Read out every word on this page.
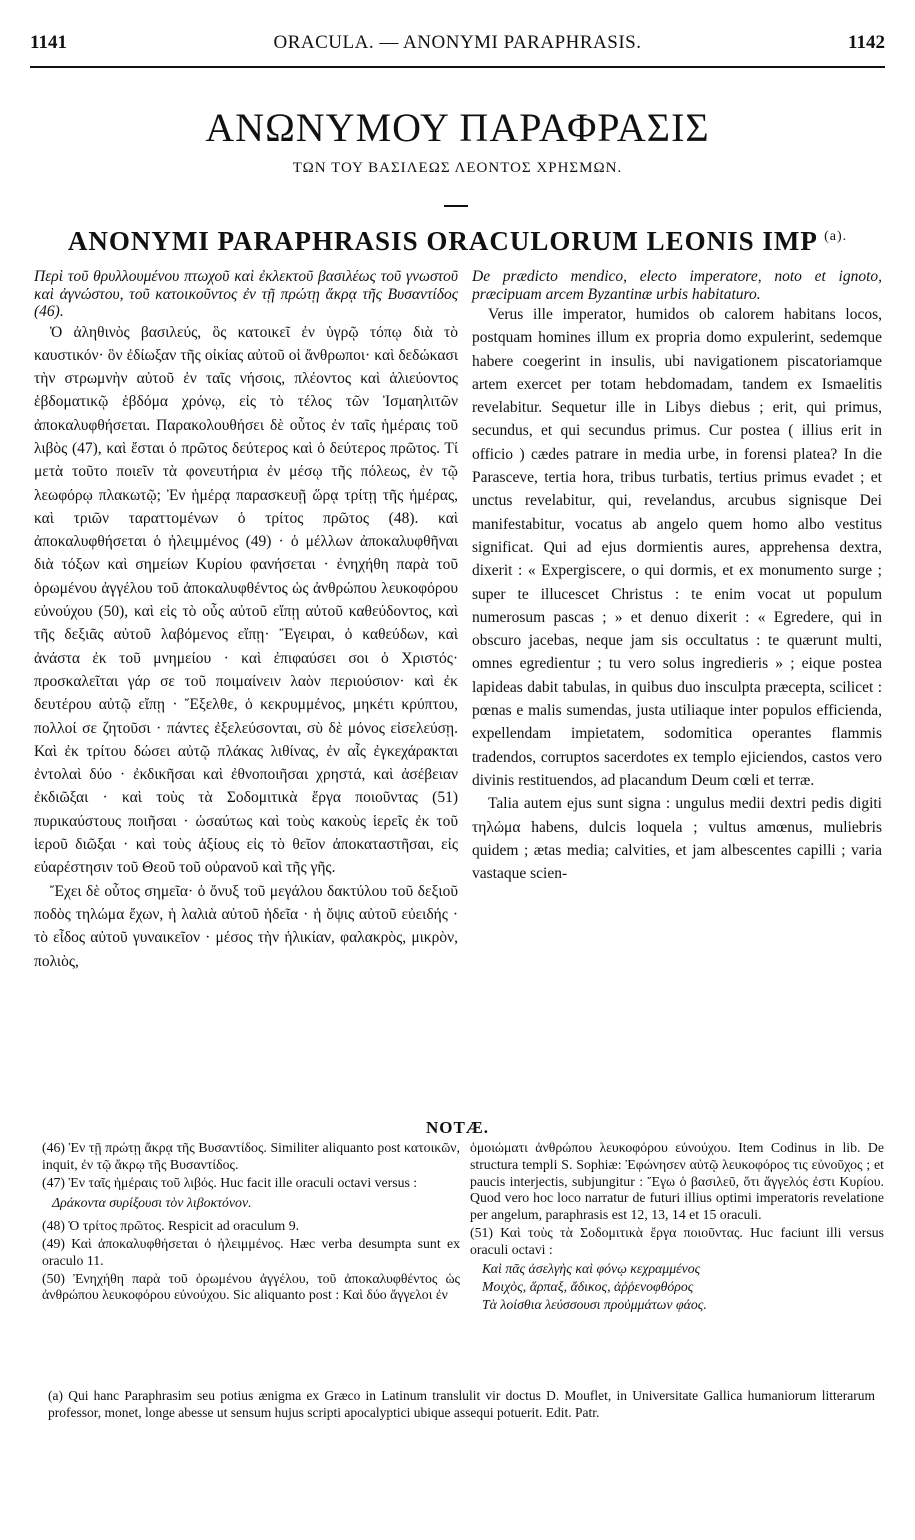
1141	ORACULA. — ANONYMI PARAPHRASIS.	1142
ΑΝΩΝΥΜΟΥ ΠΑΡΑΦΡΑΣΙΣ
ΤΩΝ ΤΟΥ ΒΑΣΙΛΕΩΣ ΛΕΟΝΤΟΣ ΧΡΗΣΜΩΝ.
ANONYMI PARAPHRASIS ORACULORUM LEONIS IMP $^{(a).}$

Περὶ τοῦ θρυλλουμένου πτωχοῦ καὶ ἐκλεκτοῦ βασιλέως τοῦ γνωστοῦ καὶ ἀγνώστου, τοῦ κατοικοῦντος ἐν τῇ πρώτῃ ἄκρᾳ τῆς Βυσαντίδος (46).

Ὁ ἀληθινὸς βασιλεύς, ὃς κατοικεῖ ἐν ὑγρῷ τόπῳ διὰ τὸ καυστικόν· ὃν ἐδίωξαν τῆς οἰκίας αὐτοῦ οἱ ἄνθρωποι· καὶ δεδώκασι τὴν στρωμνὴν αὐτοῦ ἐν ταῖς νήσοις, πλέοντος καὶ ἁλιεύοντος ἑβδοματικῷ ἑβδόμα χρόνῳ, εἰς τὸ τέλος τῶν Ἰσμαηλιτῶν ἀποκαλυφθήσεται. Παρακολουθήσει δὲ οὗτος ἐν ταῖς ἡμέραις τοῦ λιβὸς (47), καὶ ἔσται ὁ πρῶτος δεύτερος καὶ ὁ δεύτερος πρῶτος. Τί μετὰ τοῦτο ποιεῖν τὰ φονευτήρια ἐν μέσῳ τῆς πόλεως, ἐν τῷ λεωφόρῳ πλακωτῷ; Ἐν ἡμέρᾳ παρασκευῇ ὥρᾳ τρίτῃ τῆς ἡμέρας, καὶ τριῶν ταραττομένων ὁ τρίτος πρῶτος (48). καὶ ἀποκαλυφθήσεται ὁ ἠλειμμένος (49) · ὁ μέλλων ἀποκαλυφθῆναι διὰ τόξων καὶ σημείων Κυρίου φανήσεται · ἐνηχήθη παρὰ τοῦ ὁρωμένου ἀγγέλου τοῦ ἀποκαλυφθέντος ὡς ἀνθρώπου λευκοφόρου εὐνούχου (50), καὶ εἰς τὸ οὖς αὐτοῦ εἴπῃ αὐτοῦ καθεύδοντος, καὶ τῆς δεξιᾶς αὐτοῦ λαβόμενος εἴπῃ· Ἔγειραι, ὁ καθεύδων, καὶ ἀνάστα ἐκ τοῦ μνημείου · καὶ ἐπιφαύσει σοι ὁ Χριστός· προσκαλεῖται γάρ σε τοῦ ποιμαίνειν λαὸν περιούσιον· καὶ ἐκ δευτέρου αὐτῷ εἴπῃ · Ἔξελθε, ὁ κεκρυμμένος, μηκέτι κρύπτου, πολλοί σε ζητοῦσι · πάντες ἐξελεύσονται, σὺ δὲ μόνος εἰσελεύσῃ. Καὶ ἐκ τρίτου δώσει αὐτῷ πλάκας λιθίνας, ἐν αἷς ἐγκεχάρακται ἐντολαὶ δύο · ἐκδικῆσαι καὶ ἐθνοποιῆσαι χρηστά, καὶ ἀσέβειαν ἐκδιῶξαι · καὶ τοὺς τὰ Σοδομιτικὰ ἔργα ποιοῦντας (51) πυρικαύστους ποιῆσαι · ὡσαύτως καὶ τοὺς κακοὺς ἱερεῖς ἐκ τοῦ ἱεροῦ διῶξαι · καὶ τοὺς ἀξίους εἰς τὸ θεῖον ἀποκαταστῆσαι, εἰς εὐαρέστησιν τοῦ Θεοῦ τοῦ οὐρανοῦ καὶ τῆς γῆς.

Ἔχει δὲ οὗτος σημεῖα· ὁ ὄνυξ τοῦ μεγάλου δακτύλου τοῦ δεξιοῦ ποδὸς τηλώμα ἔχων, ἡ λαλιὰ αὐτοῦ ἡδεῖα · ἡ ὄψις αὐτοῦ εὐειδής · τὸ εἶδος αὐτοῦ γυναικεῖον · μέσος τὴν ἡλικίαν, φαλακρὸς, μικρὸν, πολιὸς,

De prædicto mendico, electo imperatore, noto et ignoto, præcipuam arcem Byzantinæ urbis habitaturo.

Verus ille imperator, humidos ob calorem habitans locos, postquam homines illum ex propria domo expulerint, sedemque habere coegerint in insulis, ubi navigationem piscatoriamque artem exercet per totam hebdomadam, tandem ex Ismaelitis revelabitur. Sequetur ille in Libys diebus ; erit, qui primus, secundus, et qui secundus primus. Cur postea ( illius erit in officio ) cædes patrare in media urbe, in forensi platea? In die Parasceve, tertia hora, tribus turbatis, tertius primus evadet ; et unctus revelabitur, qui, revelandus, arcubus signisque Dei manifestabitur, vocatus ab angelo quem homo albo vestitus significat. Qui ad ejus dormientis aures, apprehensa dextra, dixerit : « Expergiscere, o qui dormis, et ex monumento surge ; super te illucescet Christus : te enim vocat ut populum numerosum pascas ; » et denuo dixerit : « Egredere, qui in obscuro jacebas, neque jam sis occultatus : te quærunt multi, omnes egredientur ; tu vero solus ingredieris » ; eique postea lapideas dabit tabulas, in quibus duo insculpta præcepta, scilicet : pœnas e malis sumendas, justa utiliaque inter populos efficienda, expellendam impietatem, sodomitica operantes flammis tradendos, corruptos sacerdotes ex templo ejiciendos, castos vero divinis restituendos, ad placandum Deum cœli et terræ.

Talia autem ejus sunt signa : ungulus medii dextri pedis digiti τηλώμα habens, dulcis loquela ; vultus amœnus, muliebris quidem ; ætas media; calvities, et jam albescentes capilli ; varia vastaque scien-

NOTÆ.

(46) Ἐν τῇ πρώτῃ ἄκρᾳ τῆς Βυσαντίδος. Similiter aliquanto post κατοικῶν, inquit, ἐν τῷ ἄκρῳ τῆς Βυσαντίδος.

(47) Ἐν ταῖς ἡμέραις τοῦ λιβός. Huc facit ille oraculi octavi versus :

Δράκοντα συρίξουσι τὸν λιβοκτόνον.

(48) Ὁ τρίτος πρῶτος. Respicit ad oraculum 9.

(49) Καὶ ἀποκαλυφθήσεται ὁ ἠλειμμένος. Hæc verba desumpta sunt ex oraculo 11.

(50) Ἐνηχήθη παρὰ τοῦ ὁρωμένου ἀγγέλου, τοῦ ἀποκαλυφθέντος ὡς ἀνθρώπου λευκοφόρου εὐνούχου. Sic aliquanto post : Καὶ δύο ἄγγελοι ἐν

ὁμοιώματι ἀνθρώπου λευκοφόρου εὐνούχου. Item Codinus in lib. De structura templi S. Sophiæ: Ἐφώνησεν αὐτῷ λευκοφόρος τις εὐνοῦχος ; et paucis interjectis, subjungitur : Ἔγω ὁ βασιλεῦ, ὅτι ἄγγελός ἐστι Κυρίου. Quod vero hoc loco narratur de futuri illius optimi imperatoris revelatione per angelum, paraphrasis est 12, 13, 14 et 15 oraculi.

(51) Καὶ τοὺς τὰ Σοδομιτικὰ ἔργα ποιοῦντας. Huc faciunt illi versus oraculi octavi :

Καὶ πᾶς ἀσελγὴς καὶ φόνῳ κεχραμμένος

Μοιχὸς, ἅρπαξ, ἄδικος, ἀῤῥενοφθόρος

Τὰ λοίσθια λεύσσουσι προὐμμάτων φάος.

(a) Qui hanc Paraphrasim seu potius ænigma ex Græco in Latinum translulit vir doctus D. Mouflet, in Universitate Gallica humaniorum litterarum professor, monet, longe abesse ut sensum hujus scripti apocalyptici ubique assequi potuerit. Edit. Patr.
